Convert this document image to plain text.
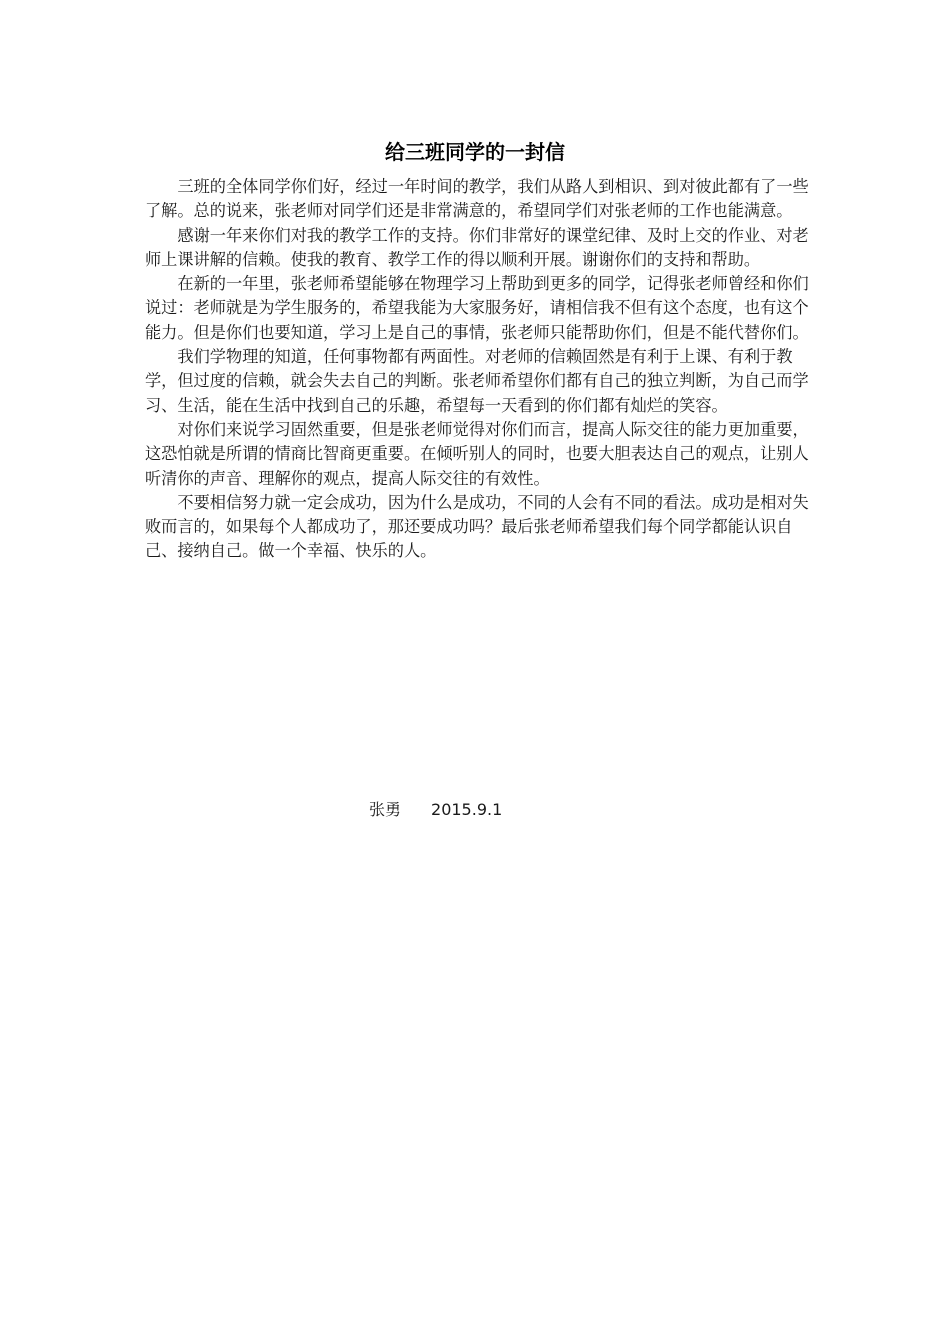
给三班同学的一封信

三班的全体同学你们好，经过一年时间的教学，我们从路人到相识、到对彼此都有了一些了解。总的说来，张老师对同学们还是非常满意的，希望同学们对张老师的工作也能满意。

感谢一年来你们对我的教学工作的支持。你们非常好的课堂纪律、及时上交的作业、对老师上课讲解的信赖。使我的教育、教学工作的得以顺利开展。谢谢你们的支持和帮助。

在新的一年里，张老师希望能够在物理学习上帮助到更多的同学，记得张老师曾经和你们说过：老师就是为学生服务的，希望我能为大家服务好，请相信我不但有这个态度，也有这个能力。但是你们也要知道，学习上是自己的事情，张老师只能帮助你们，但是不能代替你们。

我们学物理的知道，任何事物都有两面性。对老师的信赖固然是有利于上课、有利于教学，但过度的信赖，就会失去自己的判断。张老师希望你们都有自己的独立判断，为自己而学习、生活，能在生活中找到自己的乐趣，希望每一天看到的你们都有灿烂的笑容。

对你们来说学习固然重要，但是张老师觉得对你们而言，提高人际交往的能力更加重要，这恐怕就是所谓的情商比智商更重要。在倾听别人的同时，也要大胆表达自己的观点，让别人听清你的声音、理解你的观点，提高人际交往的有效性。

不要相信努力就一定会成功，因为什么是成功，不同的人会有不同的看法。成功是相对失败而言的，如果每个人都成功了，那还要成功吗？最后张老师希望我们每个同学都能认识自己、接纳自己。做一个幸福、快乐的人。

张勇 2015.9.1
